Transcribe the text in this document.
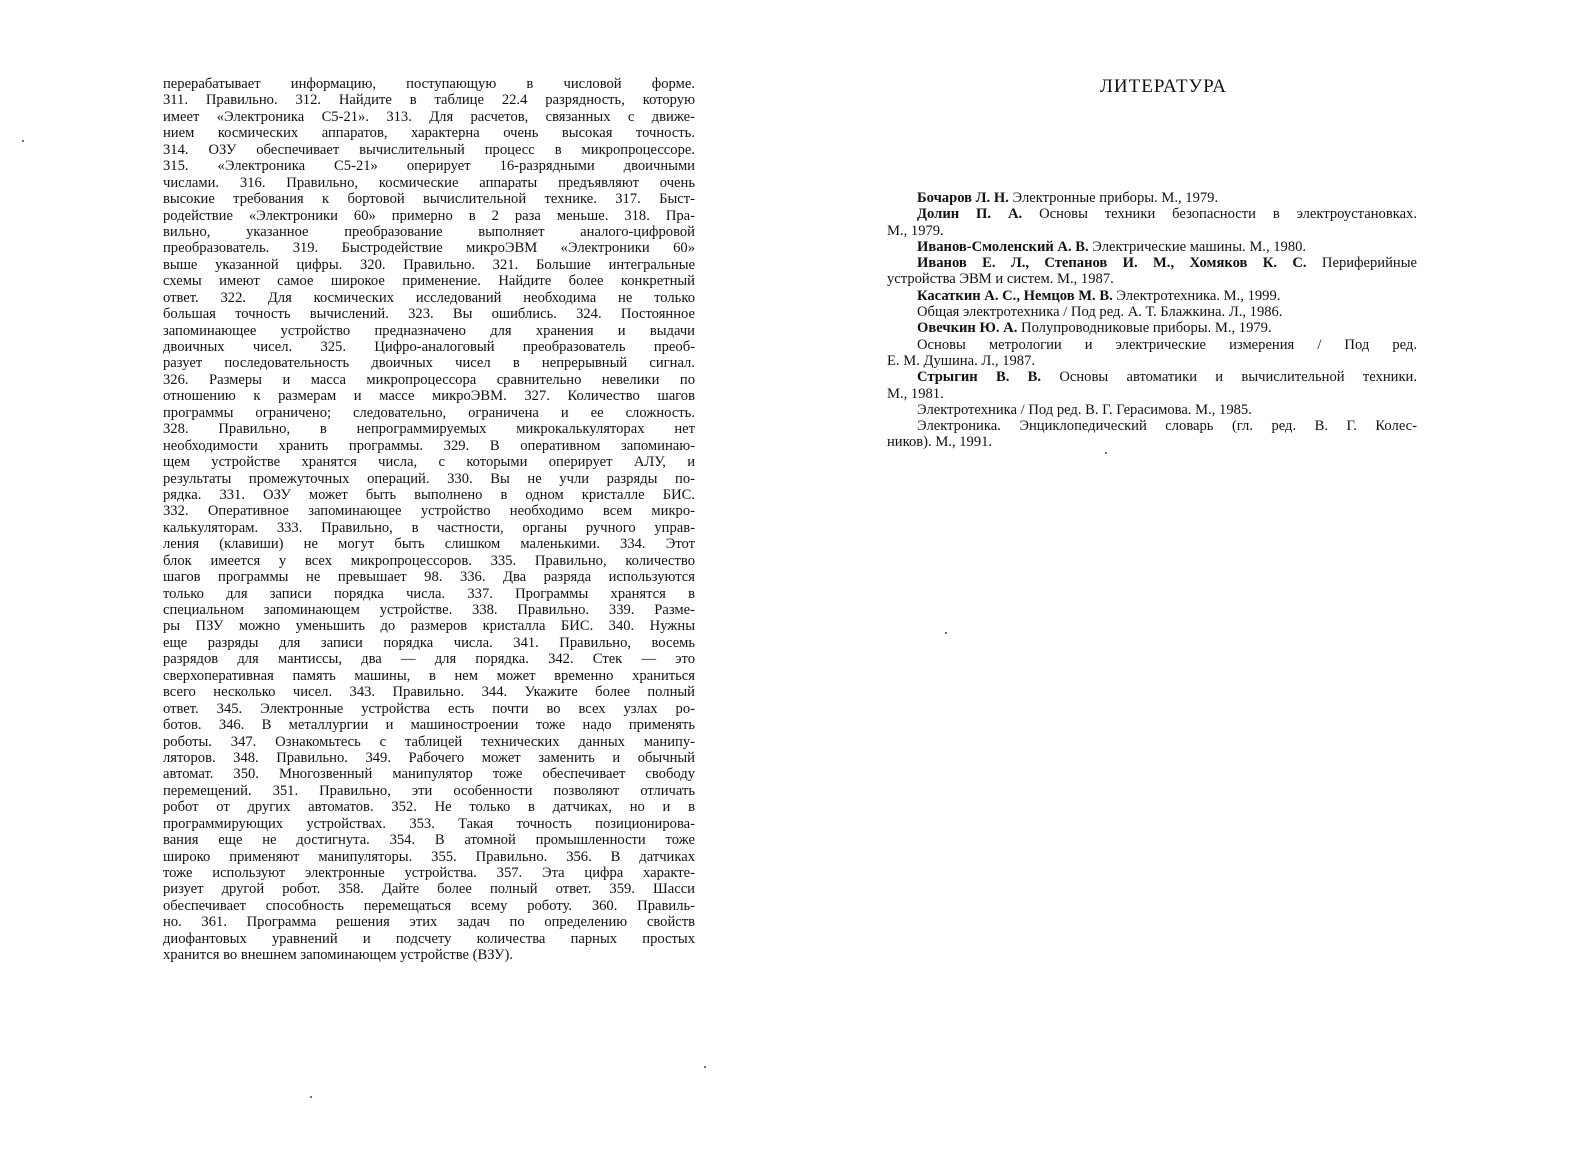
перерабатывает информацию, поступающую в числовой форме.
311. Правильно. 312. Найдите в таблице 22.4 разрядность, которую
имеет «Электроника С5-21». 313. Для расчетов, связанных с движе-
нием космических аппаратов, характерна очень высокая точность.
314. ОЗУ обеспечивает вычислительный процесс в микропроцессоре.
315. «Электроника С5-21» оперирует 16-разрядными двоичными
числами. 316. Правильно, космические аппараты предъявляют очень
высокие требования к бортовой вычислительной технике. 317. Быст-
родействие «Электроники 60» примерно в 2 раза меньше. 318. Пра-
вильно, указанное преобразование выполняет аналого-цифровой
преобразователь. 319. Быстродействие микроЭВМ «Электроники 60»
выше указанной цифры. 320. Правильно. 321. Большие интегральные
схемы имеют самое широкое применение. Найдите более конкретный
ответ. 322. Для космических исследований необходима не только
большая точность вычислений. 323. Вы ошиблись. 324. Постоянное
запоминающее устройство предназначено для хранения и выдачи
двоичных чисел. 325. Цифро-аналоговый преобразователь преоб-
разует последовательность двоичных чисел в непрерывный сигнал.
326. Размеры и масса микропроцессора сравнительно невелики по
отношению к размерам и массе микроЭВМ. 327. Количество шагов
программы ограничено; следовательно, ограничена и ее сложность.
328. Правильно, в непрограммируемых микрокалькуляторах нет
необходимости хранить программы. 329. В оперативном запоминаю-
щем устройстве хранятся числа, с которыми оперирует АЛУ, и
результаты промежуточных операций. 330. Вы не учли разряды по-
рядка. 331. ОЗУ может быть выполнено в одном кристалле БИС.
332. Оперативное запоминающее устройство необходимо всем микро-
калькуляторам. 333. Правильно, в частности, органы ручного управ-
ления (клавиши) не могут быть слишком маленькими. 334. Этот
блок имеется у всех микропроцессоров. 335. Правильно, количество
шагов программы не превышает 98. 336. Два разряда используются
только для записи порядка числа. 337. Программы хранятся в
специальном запоминающем устройстве. 338. Правильно. 339. Разме-
ры ПЗУ можно уменьшить до размеров кристалла БИС. 340. Нужны
еще разряды для записи порядка числа. 341. Правильно, восемь
разрядов для мантиссы, два — для порядка. 342. Стек — это
сверхоперативная память машины, в нем может временно храниться
всего несколько чисел. 343. Правильно. 344. Укажите более полный
ответ. 345. Электронные устройства есть почти во всех узлах ро-
ботов. 346. В металлургии и машиностроении тоже надо применять
роботы. 347. Ознакомьтесь с таблицей технических данных манипу-
ляторов. 348. Правильно. 349. Рабочего может заменить и обычный
автомат. 350. Многозвенный манипулятор тоже обеспечивает свободу
перемещений. 351. Правильно, эти особенности позволяют отличать
робот от других автоматов. 352. Не только в датчиках, но и в
программирующих устройствах. 353. Такая точность позиционирова-
вания еще не достигнута. 354. В атомной промышленности тоже
широко применяют манипуляторы. 355. Правильно. 356. В датчиках
тоже используют электронные устройства. 357. Эта цифра характе-
ризует другой робот. 358. Дайте более полный ответ. 359. Шасси
обеспечивает способность перемещаться всему роботу. 360. Правиль-
но. 361. Программа решения этих задач по определению свойств
диофантовых уравнений и подсчету количества парных простых
хранится во внешнем запоминающем устройстве (ВЗУ).
ЛИТЕРАТУРА
Бочаров Л. Н. Электронные приборы. М., 1979.
Долин П. А. Основы техники безопасности в электроустановках.
М., 1979.
Иванов-Смоленский А. В. Электрические машины. М., 1980.
Иванов Е. Л., Степанов И. М., Хомяков К. С. Периферийные
устройства ЭВМ и систем. М., 1987.
Касаткин А. С., Немцов М. В. Электротехника. М., 1999.
Общая электротехника / Под ред. А. Т. Блажкина. Л., 1986.
Овечкин Ю. А. Полупроводниковые приборы. М., 1979.
Основы метрологии и электрические измерения / Под ред.
Е. М. Душина. Л., 1987.
Стрыгин В. В. Основы автоматики и вычислительной техники.
М., 1981.
Электротехника / Под ред. В. Г. Герасимова. М., 1985.
Электроника. Энциклопедический словарь (гл. ред. В. Г. Колес-
ников). М., 1991.
